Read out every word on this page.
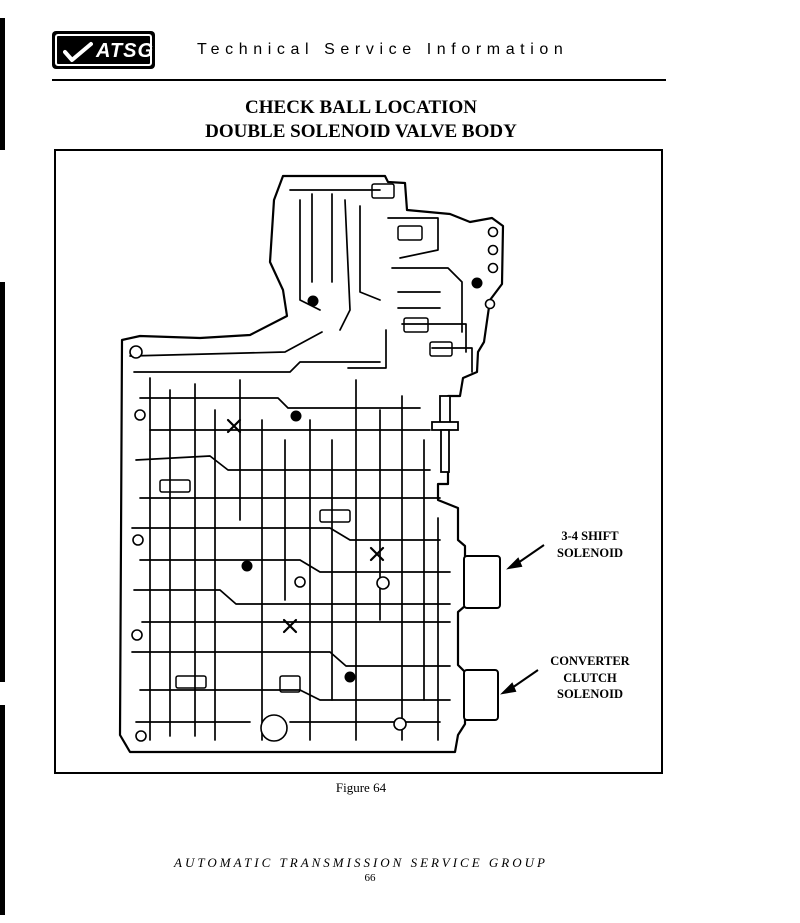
ATSG	Technical Service Information
CHECK BALL LOCATION
DOUBLE SOLENOID VALVE BODY
3-4 SHIFT
SOLENOID
CONVERTER
CLUTCH
SOLENOID
Figure 64
AUTOMATIC TRANSMISSION SERVICE GROUP
66
